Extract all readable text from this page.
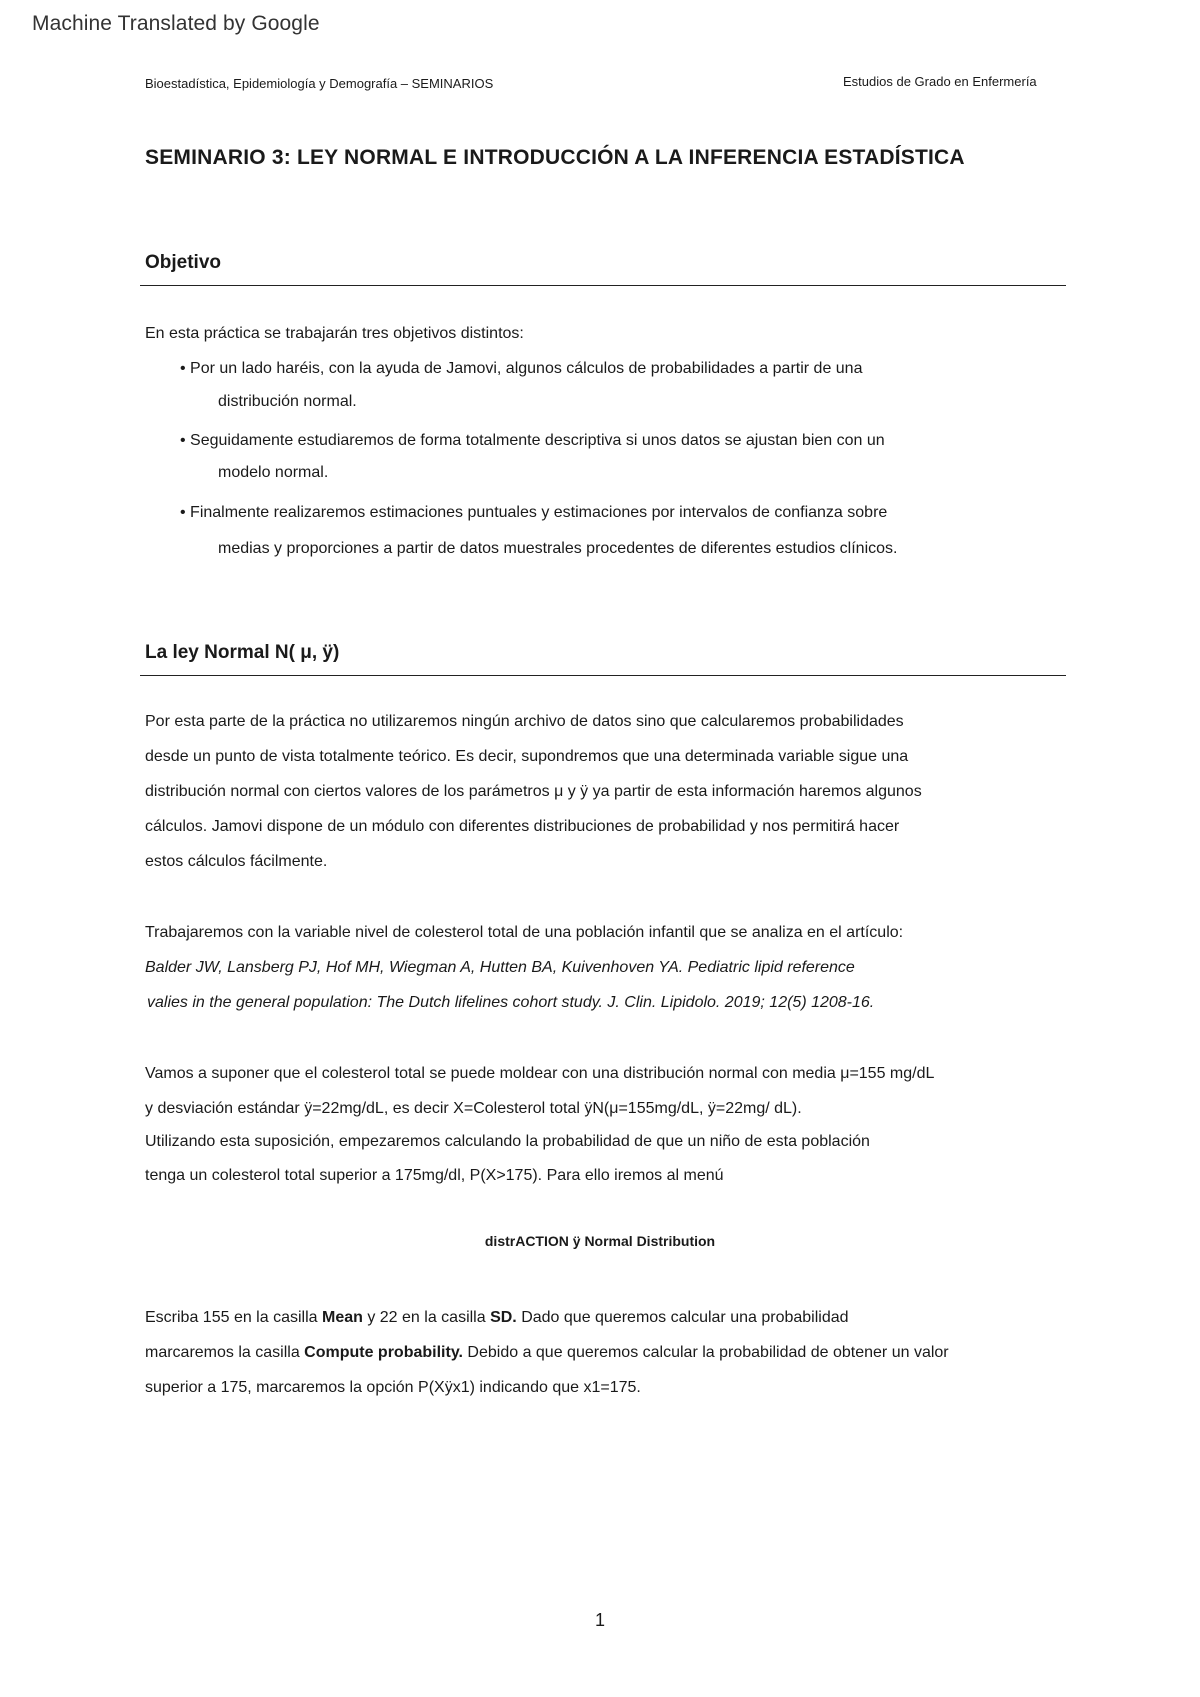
Machine Translated by Google
Bioestadística, Epidemiología y Demografía – SEMINARIOS	Estudios de Grado en Enfermería
SEMINARIO 3: LEY NORMAL E INTRODUCCIÓN A LA INFERENCIA ESTADÍSTICA
Objetivo
En esta práctica se trabajarán tres objetivos distintos:
• Por un lado haréis, con la ayuda de Jamovi, algunos cálculos de probabilidades a partir de una
distribución normal.
• Seguidamente estudiaremos de forma totalmente descriptiva si unos datos se ajustan bien con un
modelo normal.
• Finalmente realizaremos estimaciones puntuales y estimaciones por intervalos de confianza sobre
medias y proporciones a partir de datos muestrales procedentes de diferentes estudios clínicos.
La ley Normal N( μ, ÿ)
Por esta parte de la práctica no utilizaremos ningún archivo de datos sino que calcularemos probabilidades
desde un punto de vista totalmente teórico. Es decir, supondremos que una determinada variable sigue una
distribución normal con ciertos valores de los parámetros μ y ÿ ya partir de esta información haremos algunos
cálculos. Jamovi dispone de un módulo con diferentes distribuciones de probabilidad y nos permitirá hacer
estos cálculos fácilmente.
Trabajaremos con la variable nivel de colesterol total de una población infantil que se analiza en el artículo:
Balder JW, Lansberg PJ, Hof MH, Wiegman A, Hutten BA, Kuivenhoven YA. Pediatric lipid reference
valies in the general population: The Dutch lifelines cohort study. J. Clin. Lipidolo. 2019; 12(5) 1208-16.
Vamos a suponer que el colesterol total se puede moldear con una distribución normal con media μ=155 mg/dL
y desviación estándar ÿ=22mg/dL, es decir X=Colesterol total ÿN(μ=155mg/dL, ÿ=22mg/ dL).
Utilizando esta suposición, empezaremos calculando la probabilidad de que un niño de esta población
tenga un colesterol total superior a 175mg/dl, P(X>175). Para ello iremos al menú
distrACTION ÿ Normal Distribution
Escriba 155 en la casilla Mean y 22 en la casilla SD. Dado que queremos calcular una probabilidad
marcaremos la casilla Compute probability. Debido a que queremos calcular la probabilidad de obtener un valor
superior a 175, marcaremos la opción P(Xÿx1) indicando que x1=175.
1
